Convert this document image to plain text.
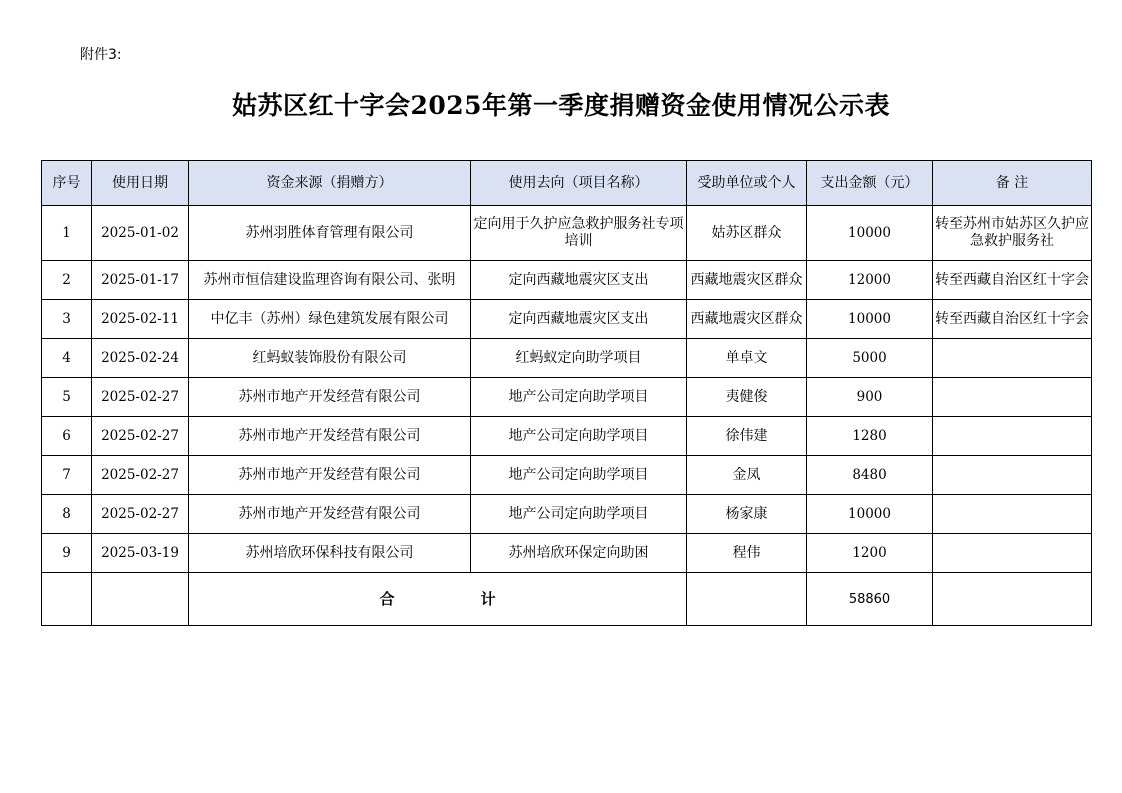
附件3:
姑苏区红十字会2025年第一季度捐赠资金使用情况公示表
序号	使用日期	资金来源（捐赠方）	使用去向（项目名称）	受助单位或个人	支出金额（元）	备 注
1	2025-01-02	苏州羽胜体育管理有限公司	定向用于久护应急救护服务社专项培训	姑苏区群众	10000	转至苏州市姑苏区久护应急救护服务社
2	2025-01-17	苏州市恒信建设监理咨询有限公司、张明	定向西藏地震灾区支出	西藏地震灾区群众	12000	转至西藏自治区红十字会
3	2025-02-11	中亿丰（苏州）绿色建筑发展有限公司	定向西藏地震灾区支出	西藏地震灾区群众	10000	转至西藏自治区红十字会
4	2025-02-24	红蚂蚁装饰股份有限公司	红蚂蚁定向助学项目	单卓文	5000	
5	2025-02-27	苏州市地产开发经营有限公司	地产公司定向助学项目	夷健俊	900	
6	2025-02-27	苏州市地产开发经营有限公司	地产公司定向助学项目	徐伟建	1280	
7	2025-02-27	苏州市地产开发经营有限公司	地产公司定向助学项目	金凤	8480	
8	2025-02-27	苏州市地产开发经营有限公司	地产公司定向助学项目	杨家康	10000	
9	2025-03-19	苏州培欣环保科技有限公司	苏州培欣环保定向助困	程伟	1200	
		合 计			58860	
